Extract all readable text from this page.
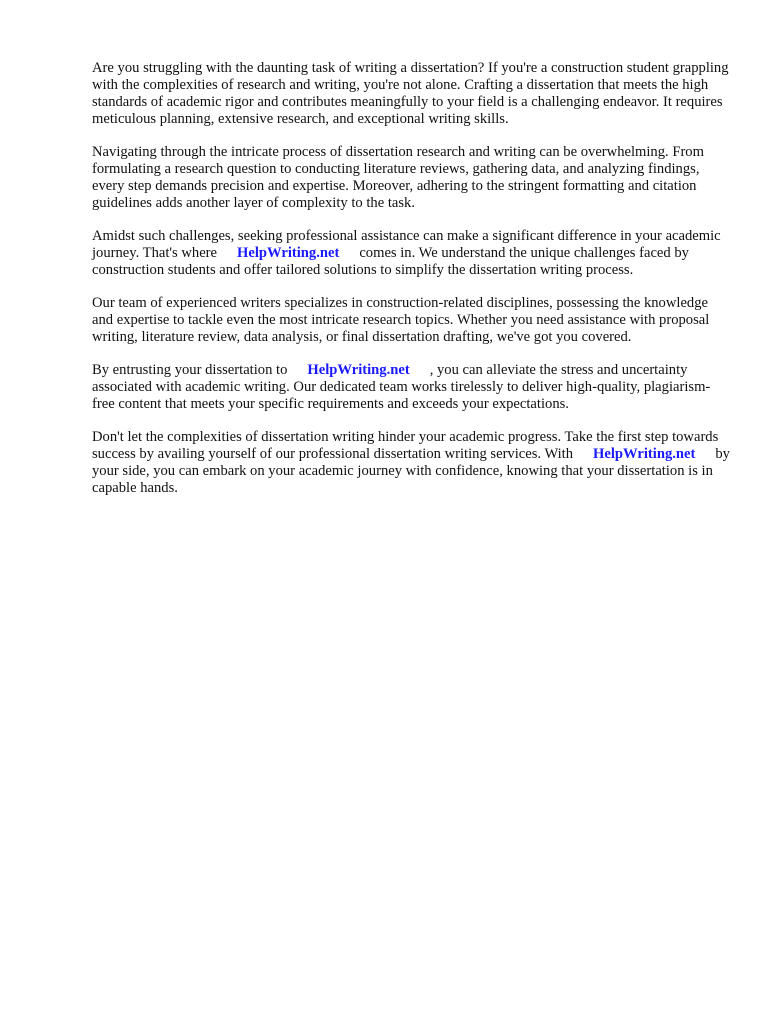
Are you struggling with the daunting task of writing a dissertation? If you're a construction student grappling with the complexities of research and writing, you're not alone. Crafting a dissertation that meets the high standards of academic rigor and contributes meaningfully to your field is a challenging endeavor. It requires meticulous planning, extensive research, and exceptional writing skills.

Navigating through the intricate process of dissertation research and writing can be overwhelming. From formulating a research question to conducting literature reviews, gathering data, and analyzing findings, every step demands precision and expertise. Moreover, adhering to the stringent formatting and citation guidelines adds another layer of complexity to the task.

Amidst such challenges, seeking professional assistance can make a significant difference in your academic journey. That's where HelpWriting.net comes in. We understand the unique challenges faced by construction students and offer tailored solutions to simplify the dissertation writing process.

Our team of experienced writers specializes in construction-related disciplines, possessing the knowledge and expertise to tackle even the most intricate research topics. Whether you need assistance with proposal writing, literature review, data analysis, or final dissertation drafting, we've got you covered.

By entrusting your dissertation to HelpWriting.net , you can alleviate the stress and uncertainty associated with academic writing. Our dedicated team works tirelessly to deliver high-quality, plagiarism-free content that meets your specific requirements and exceeds your expectations.

Don't let the complexities of dissertation writing hinder your academic progress. Take the first step towards success by availing yourself of our professional dissertation writing services. With HelpWriting.net by your side, you can embark on your academic journey with confidence, knowing that your dissertation is in capable hands.
